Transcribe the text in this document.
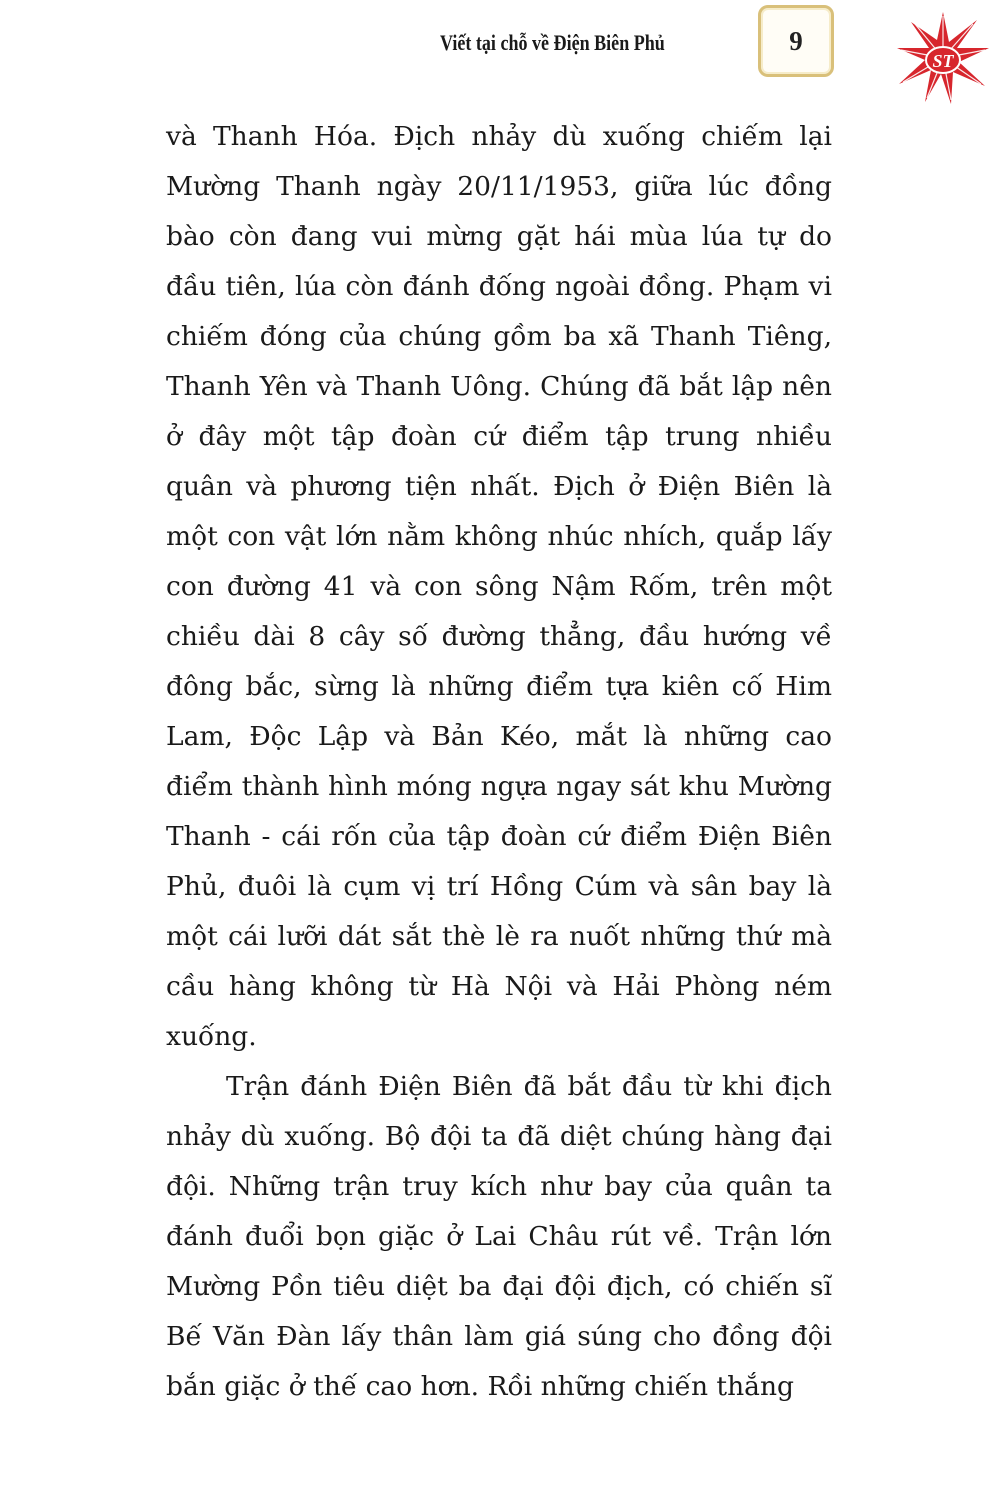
Viết tại chỗ về Điện Biên Phủ	9
ST

và Thanh Hóa. Địch nhảy dù xuống chiếm lại Mường Thanh ngày 20/11/1953, giữa lúc đồng bào còn đang vui mừng gặt hái mùa lúa tự do đầu tiên, lúa còn đánh đống ngoài đồng. Phạm vi chiếm đóng của chúng gồm ba xã Thanh Tiêng, Thanh Yên và Thanh Uông. Chúng đã bắt lập nên ở đây một tập đoàn cứ điểm tập trung nhiều quân và phương tiện nhất. Địch ở Điện Biên là một con vật lớn nằm không nhúc nhích, quắp lấy con đường 41 và con sông Nậm Rốm, trên một chiều dài 8 cây số đường thẳng, đầu hướng về đông bắc, sừng là những điểm tựa kiên cố Him Lam, Độc Lập và Bản Kéo, mắt là những cao điểm thành hình móng ngựa ngay sát khu Mường Thanh - cái rốn của tập đoàn cứ điểm Điện Biên Phủ, đuôi là cụm vị trí Hồng Cúm và sân bay là một cái lưỡi dát sắt thè lè ra nuốt những thứ mà cầu hàng không từ Hà Nội và Hải Phòng ném xuống.

Trận đánh Điện Biên đã bắt đầu từ khi địch nhảy dù xuống. Bộ đội ta đã diệt chúng hàng đại đội. Những trận truy kích như bay của quân ta đánh đuổi bọn giặc ở Lai Châu rút về. Trận lớn Mường Pồn tiêu diệt ba đại đội địch, có chiến sĩ Bế Văn Đàn lấy thân làm giá súng cho đồng đội bắn giặc ở thế cao hơn. Rồi những chiến thắng
